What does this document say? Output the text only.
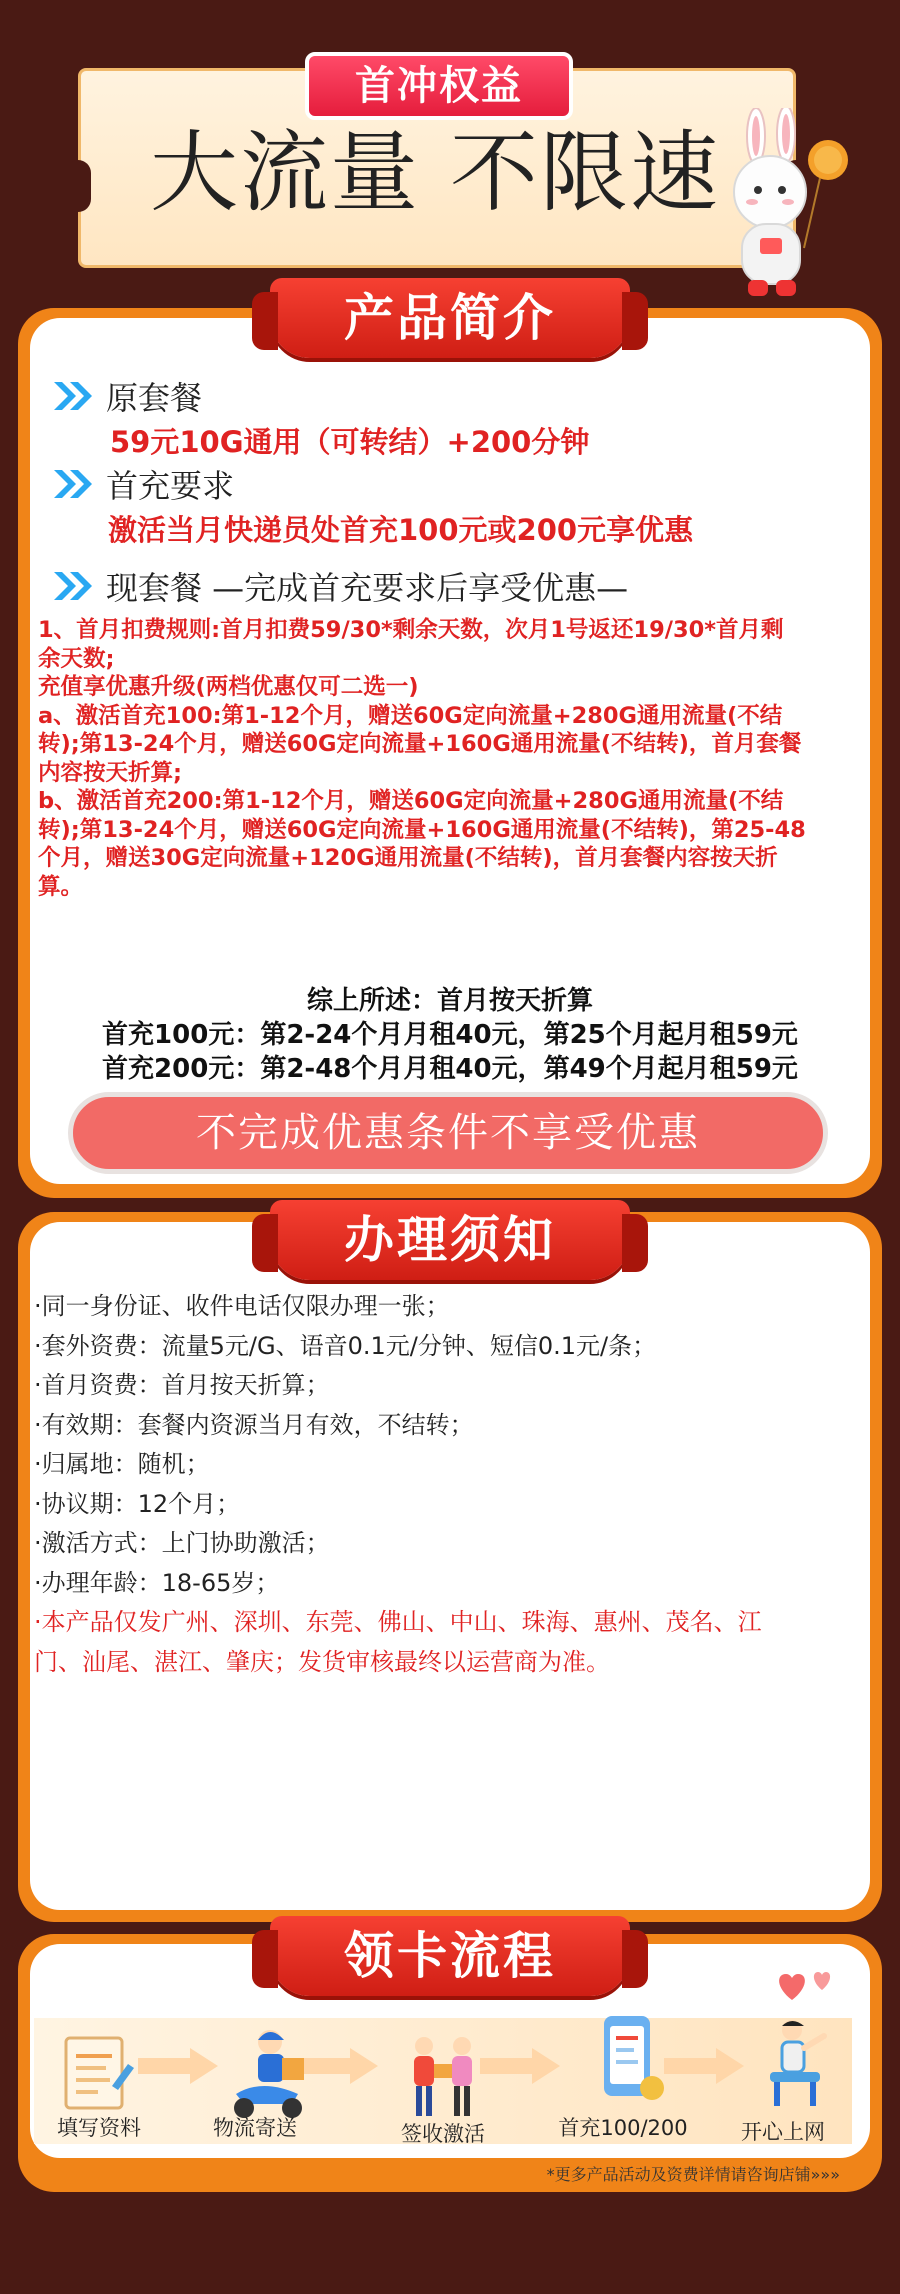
首冲权益
大流量 不限速
产品简介
原套餐
59元10G通用（可转结）+200分钟
首充要求
激活当月快递员处首充100元或200元享优惠
现套餐 —完成首充要求后享受优惠—
1、首月扣费规则:首月扣费59/30*剩余天数，次月1号返还19/30*首月剩
余天数;
充值享优惠升级(两档优惠仅可二选一)
a、激活首充100:第1-12个月，赠送60G定向流量+280G通用流量(不结
转);第13-24个月，赠送60G定向流量+160G通用流量(不结转)，首月套餐
内容按天折算;
b、激活首充200:第1-12个月，赠送60G定向流量+280G通用流量(不结
转);第13-24个月，赠送60G定向流量+160G通用流量(不结转)，第25-48
个月，赠送30G定向流量+120G通用流量(不结转)，首月套餐内容按天折
算。
综上所述：首月按天折算
首充100元：第2-24个月月租40元，第25个月起月租59元
首充200元：第2-48个月月租40元，第49个月起月租59元
不完成优惠条件不享受优惠
办理须知
·同一身份证、收件电话仅限办理一张；
·套外资费：流量5元/G、语音0.1元/分钟、短信0.1元/条；
·首月资费：首月按天折算；
·有效期：套餐内资源当月有效，不结转；
·归属地：随机；
·协议期：12个月；
·激活方式：上门协助激活；
·办理年龄：18-65岁；
·本产品仅发广州、深圳、东莞、佛山、中山、珠海、惠州、茂名、江
门、汕尾、湛江、肇庆；发货审核最终以运营商为准。
领卡流程
填写资料	物流寄送	签收激活	首充100/200	开心上网
*更多产品活动及资费详情请咨询店铺»»»
